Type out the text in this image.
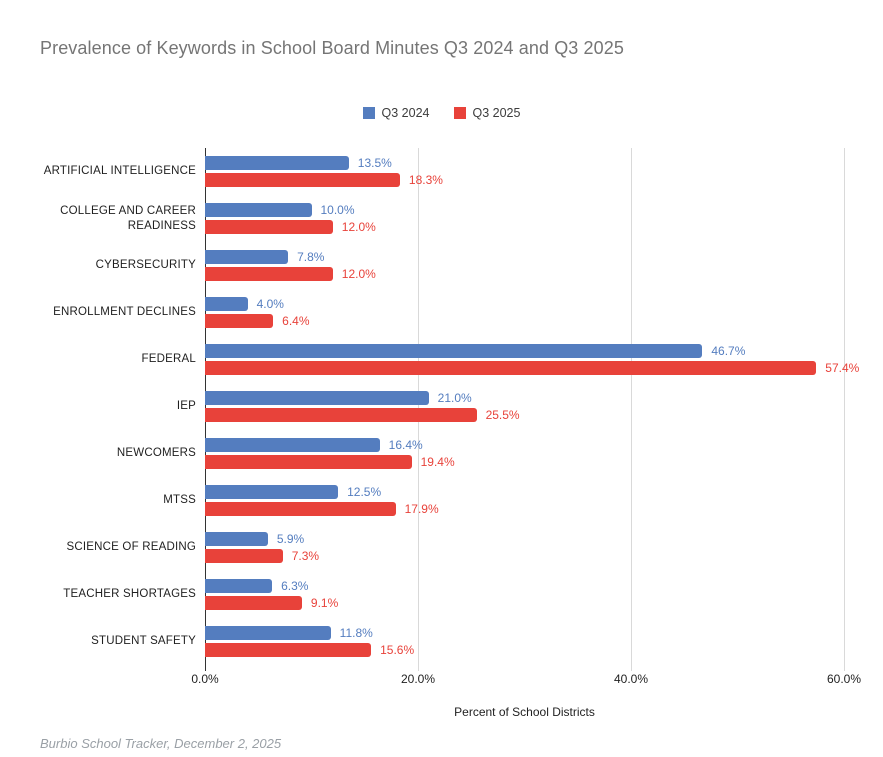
Prevalence of Keywords in School Board Minutes Q3 2024 and Q3 2025
Q3 2024	Q3 2025
ARTIFICIAL INTELLIGENCE
13.5%
18.3%
COLLEGE AND CAREER READINESS
10.0%
12.0%
CYBERSECURITY
7.8%
12.0%
ENROLLMENT DECLINES
4.0%
6.4%
FEDERAL
46.7%
57.4%
IEP
21.0%
25.5%
NEWCOMERS
16.4%
19.4%
MTSS
12.5%
17.9%
SCIENCE OF READING
5.9%
7.3%
TEACHER SHORTAGES
6.3%
9.1%
STUDENT SAFETY
11.8%
15.6%
0.0%	20.0%	40.0%	60.0%
Percent of School Districts
Burbio School Tracker, December 2, 2025
